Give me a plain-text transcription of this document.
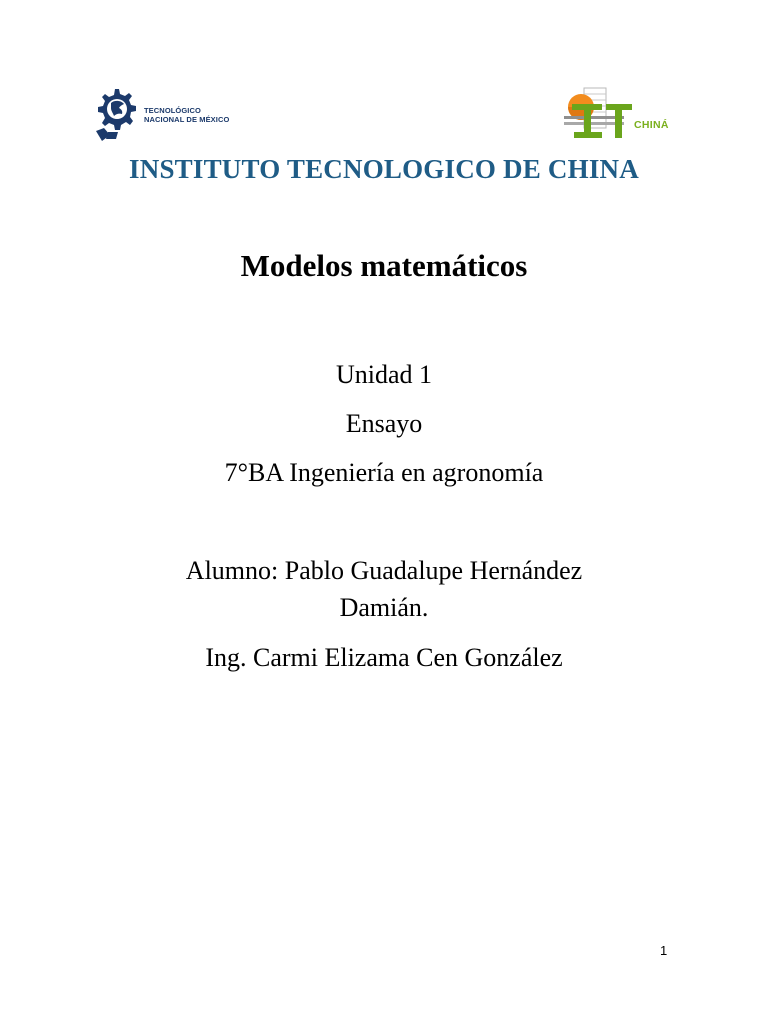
TECNOLÓGICO
NACIONAL DE MÉXICO	CHINÁ
INSTITUTO TECNOLOGICO DE CHINA
Modelos matemáticos
Unidad 1
Ensayo
7°BA Ingeniería en agronomía
Alumno: Pablo Guadalupe Hernández
Damián.
Ing. Carmi Elizama Cen González
1
